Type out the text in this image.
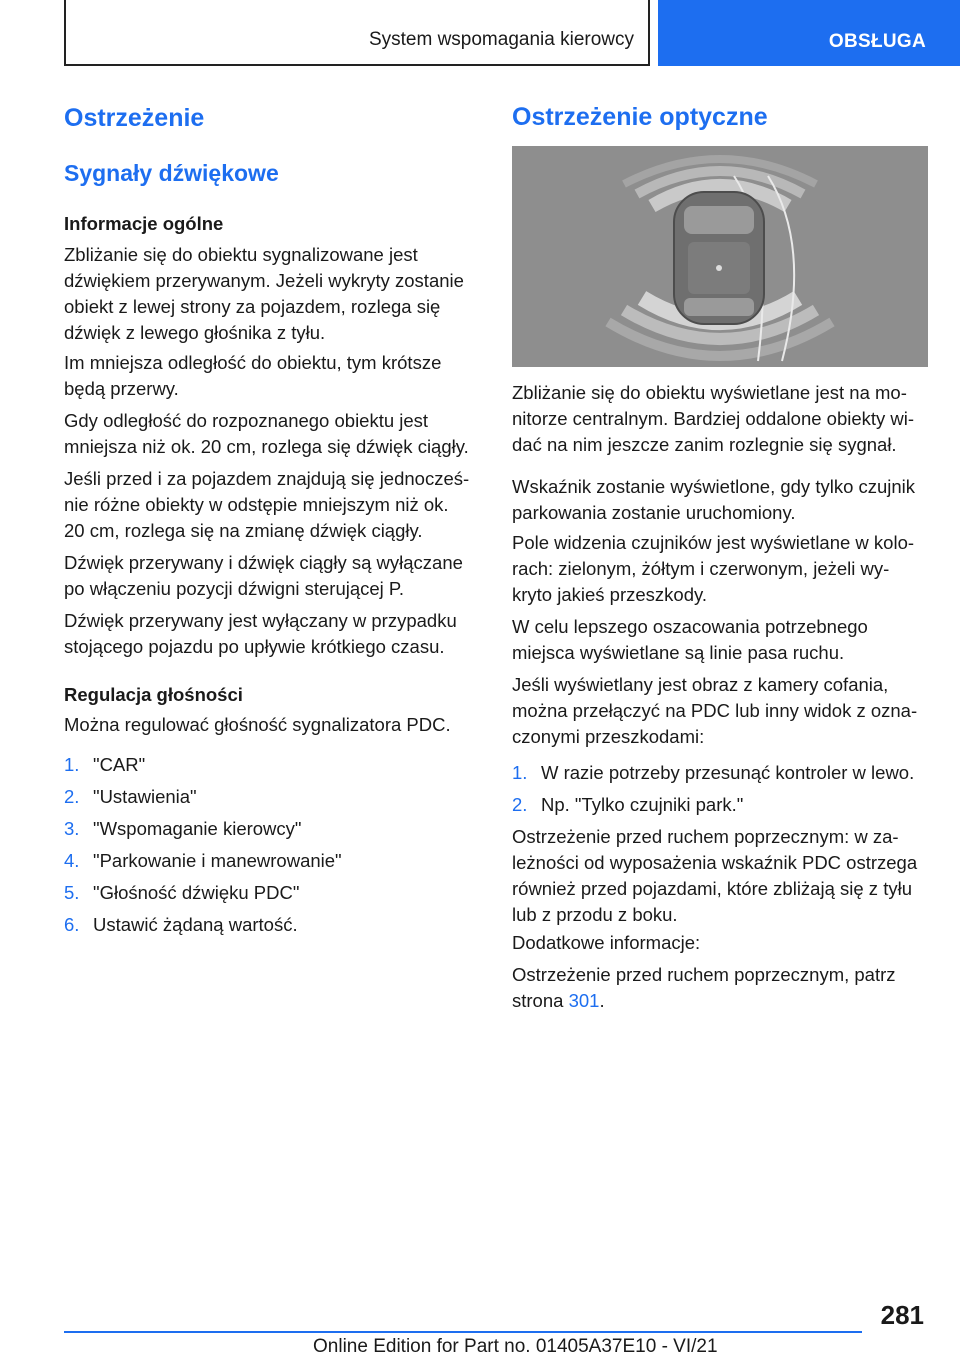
System wspomagania kierowcy	OBSŁUGA
Ostrzeżenie
Sygnały dźwiękowe
Informacje ogólne
Zbliżanie się do obiektu sygnalizowane jest
dźwiękiem przerywanym. Jeżeli wykryty zostanie
obiekt z lewej strony za pojazdem, rozlega się
dźwięk z lewego głośnika z tyłu.
Im mniejsza odległość do obiektu, tym krótsze
będą przerwy.
Gdy odległość do rozpoznanego obiektu jest
mniejsza niż ok. 20 cm, rozlega się dźwięk ciągły.
Jeśli przed i za pojazdem znajdują się jednocześ‐
nie różne obiekty w odstępie mniejszym niż ok.
20 cm, rozlega się na zmianę dźwięk ciągły.
Dźwięk przerywany i dźwięk ciągły są wyłączane
po włączeniu pozycji dźwigni sterującej P.
Dźwięk przerywany jest wyłączany w przypadku
stojącego pojazdu po upływie krótkiego czasu.
Regulacja głośności
Można regulować głośność sygnalizatora PDC.
1. "CAR"
2. "Ustawienia"
3. "Wspomaganie kierowcy"
4. "Parkowanie i manewrowanie"
5. "Głośność dźwięku PDC"
6. Ustawić żądaną wartość.
Ostrzeżenie optyczne
Zbliżanie się do obiektu wyświetlane jest na mo‐
nitorze centralnym. Bardziej oddalone obiekty wi‐
dać na nim jeszcze zanim rozlegnie się sygnał.
Wskaźnik zostanie wyświetlone, gdy tylko czujnik
parkowania zostanie uruchomiony.
Pole widzenia czujników jest wyświetlane w kolo‐
rach: zielonym, żółtym i czerwonym, jeżeli wy‐
kryto jakieś przeszkody.
W celu lepszego oszacowania potrzebnego
miejsca wyświetlane są linie pasa ruchu.
Jeśli wyświetlany jest obraz z kamery cofania,
można przełączyć na PDC lub inny widok z ozna‐
czonymi przeszkodami:
1. W razie potrzeby przesunąć kontroler w lewo.
2. Np. "Tylko czujniki park."
Ostrzeżenie przed ruchem poprzecznym: w za‐
leżności od wyposażenia wskaźnik PDC ostrzega
również przed pojazdami, które zbliżają się z tyłu
lub z przodu z boku.
Dodatkowe informacje:
Ostrzeżenie przed ruchem poprzecznym, patrz
strona 301.
281
Online Edition for Part no. 01405A37E10 - VI/21
